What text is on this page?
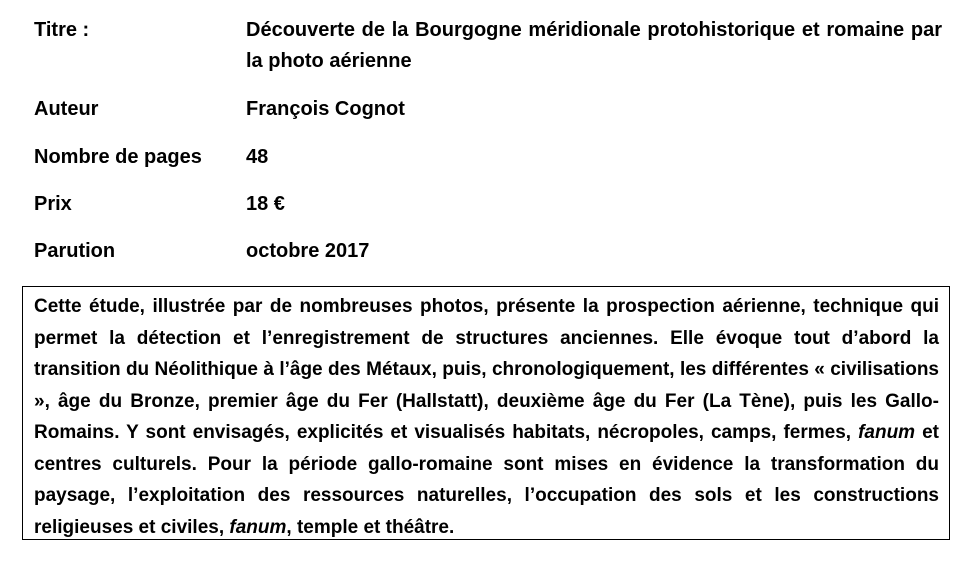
Titre :	Découverte de la Bourgogne méridionale protohistorique et romaine par la photo aérienne
Auteur	François Cognot
Nombre de pages	48
Prix	18 €
Parution	octobre 2017
Cette étude, illustrée par de nombreuses photos, présente la prospection aérienne, technique qui permet la détection et l’enregistrement de structures anciennes. Elle évoque tout d’abord la transition du Néolithique à l’âge des Métaux, puis, chronologiquement, les différentes « civilisations », âge du Bronze, premier âge du Fer (Hallstatt), deuxième âge du Fer (La Tène), puis les Gallo-Romains. Y sont envisagés, explicités et visualisés habitats, nécropoles, camps, fermes, fanum et centres culturels. Pour la période gallo-romaine sont mises en évidence la transformation du paysage, l’exploitation des ressources naturelles, l’occupation des sols et les constructions religieuses et civiles, fanum, temple et théâtre.
